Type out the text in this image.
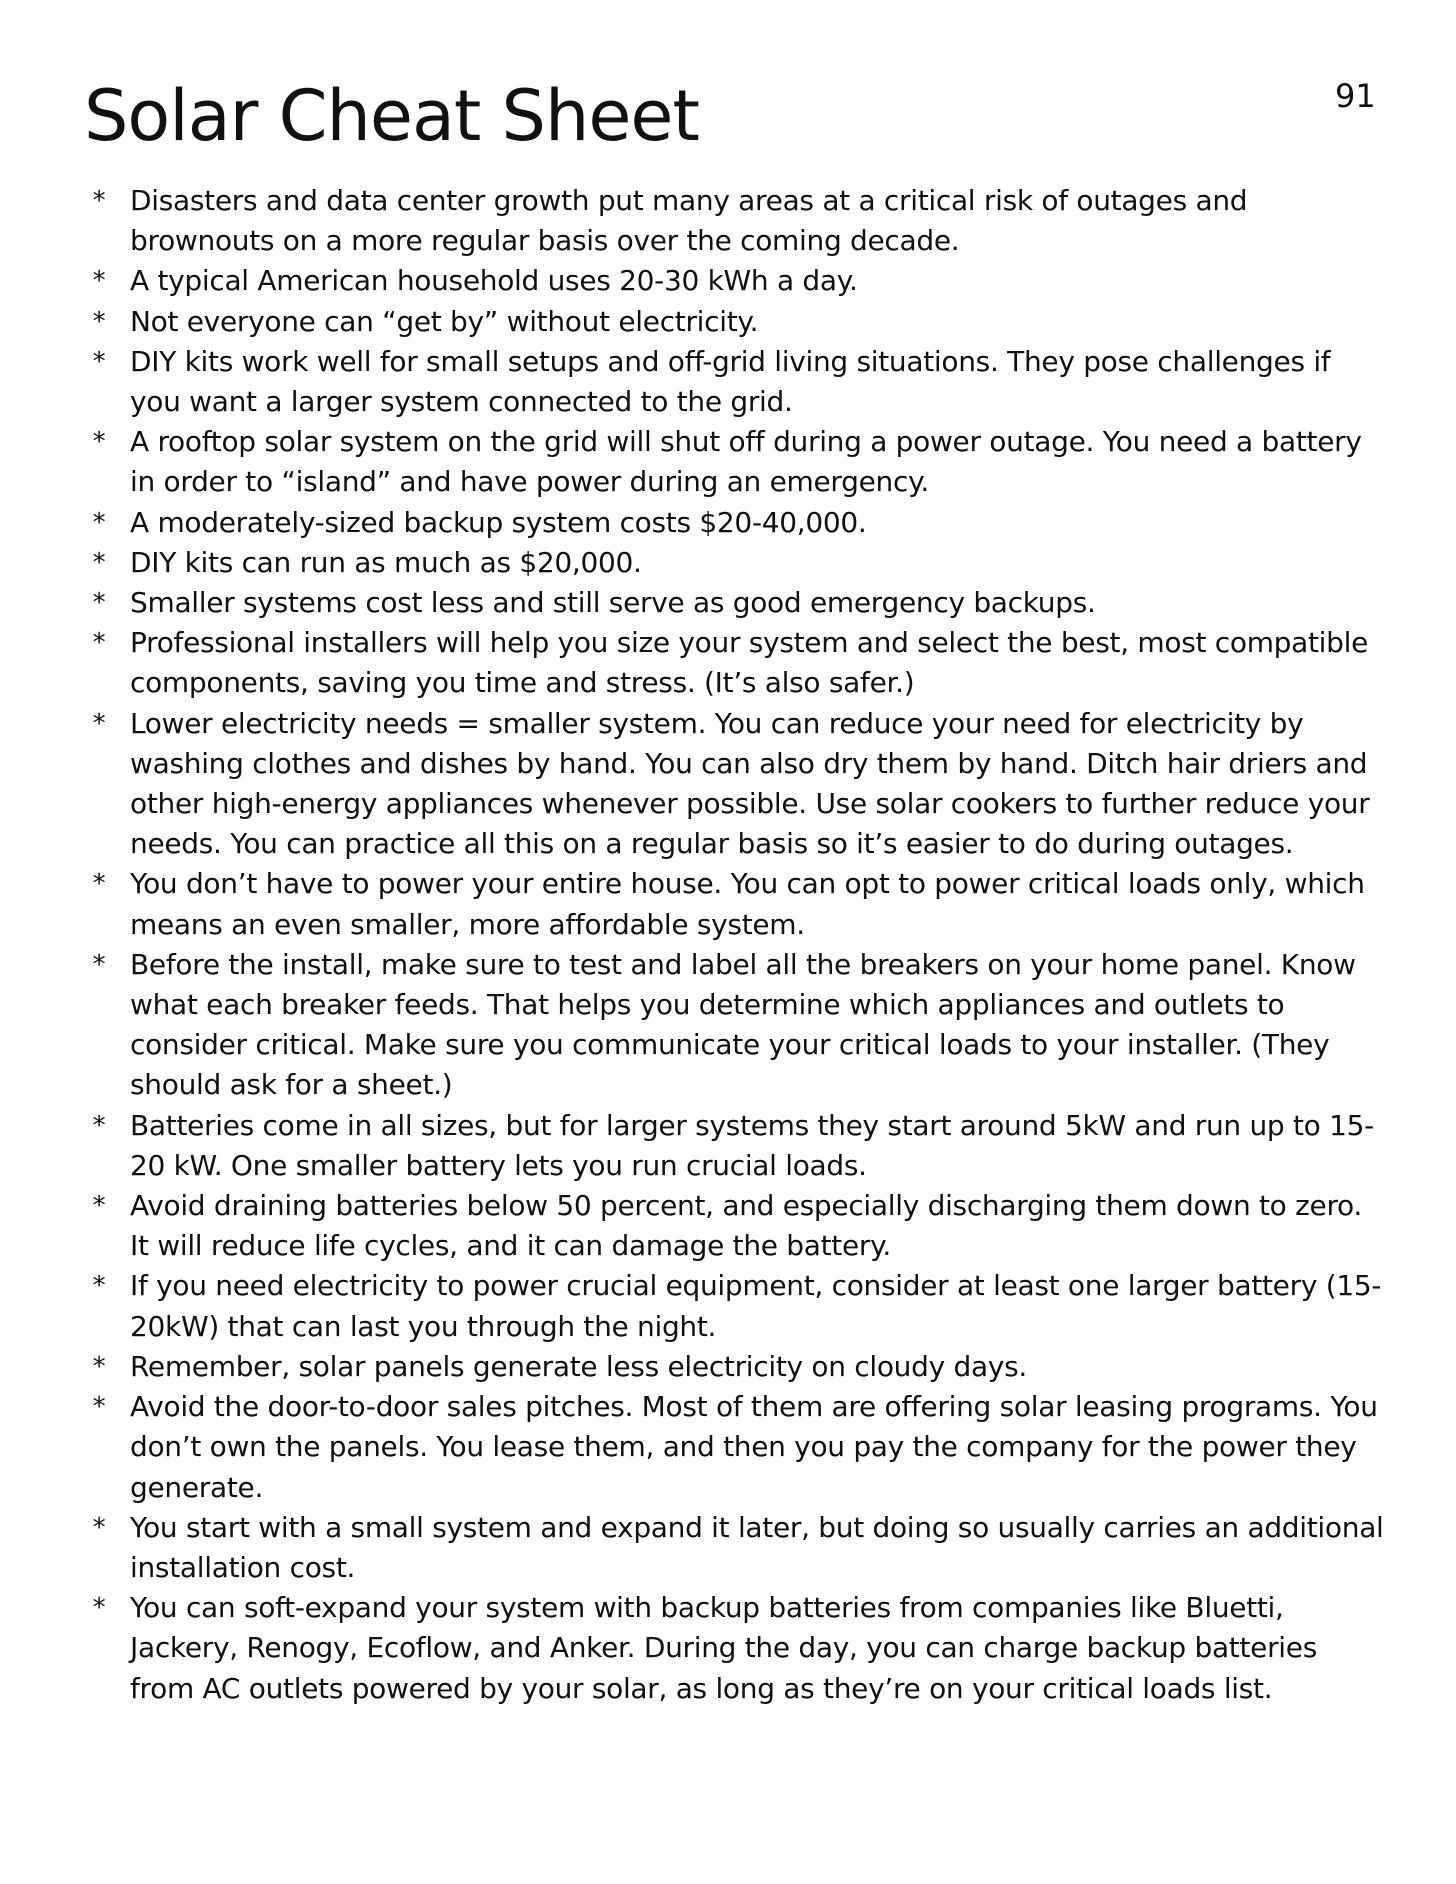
Solar Cheat Sheet	91
* Disasters and data center growth put many areas at a critical risk of outages and brownouts on a more regular basis over the coming decade.
* A typical American household uses 20-30 kWh a day.
* Not everyone can “get by” without electricity.
* DIY kits work well for small setups and off-grid living situations. They pose challenges if you want a larger system connected to the grid.
* A rooftop solar system on the grid will shut off during a power outage. You need a battery in order to “island” and have power during an emergency.
* A moderately-sized backup system costs $20-40,000.
* DIY kits can run as much as $20,000.
* Smaller systems cost less and still serve as good emergency backups.
* Professional installers will help you size your system and select the best, most compatible components, saving you time and stress. (It’s also safer.)
* Lower electricity needs = smaller system. You can reduce your need for electricity by washing clothes and dishes by hand. You can also dry them by hand. Ditch hair driers and other high-energy appliances whenever possible. Use solar cookers to further reduce your needs. You can practice all this on a regular basis so it’s easier to do during outages.
* You don’t have to power your entire house. You can opt to power critical loads only, which means an even smaller, more affordable system.
* Before the install, make sure to test and label all the breakers on your home panel. Know what each breaker feeds. That helps you determine which appliances and outlets to consider critical. Make sure you communicate your critical loads to your installer. (They should ask for a sheet.)
* Batteries come in all sizes, but for larger systems they start around 5kW and run up to 15-20 kW. One smaller battery lets you run crucial loads.
* Avoid draining batteries below 50 percent, and especially discharging them down to zero. It will reduce life cycles, and it can damage the battery.
* If you need electricity to power crucial equipment, consider at least one larger battery (15-20kW) that can last you through the night.
* Remember, solar panels generate less electricity on cloudy days.
* Avoid the door-to-door sales pitches. Most of them are offering solar leasing programs. You don’t own the panels. You lease them, and then you pay the company for the power they generate.
* You start with a small system and expand it later, but doing so usually carries an additional installation cost.
* You can soft-expand your system with backup batteries from companies like Bluetti, Jackery, Renogy, Ecoflow, and Anker. During the day, you can charge backup batteries from AC outlets powered by your solar, as long as they’re on your critical loads list.
